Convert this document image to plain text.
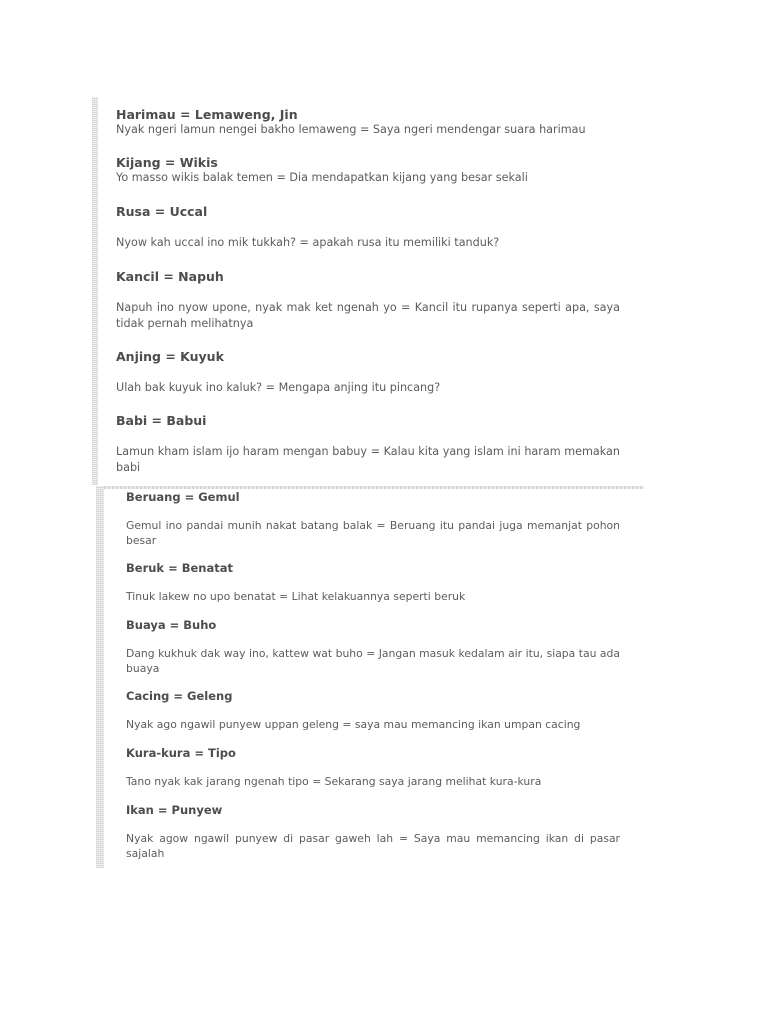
Harimau = Lemaweng, Jin
Nyak ngeri lamun nengei bakho lemaweng = Saya ngeri mendengar suara harimau
Kijang = Wikis
Yo masso wikis balak temen = Dia mendapatkan kijang yang besar sekali
Rusa = Uccal
Nyow kah uccal ino mik tukkah? = apakah rusa itu memiliki tanduk?
Kancil = Napuh
Napuh ino nyow upone, nyak mak ket ngenah yo = Kancil itu rupanya seperti apa, saya tidak pernah melihatnya
Anjing = Kuyuk
Ulah bak kuyuk ino kaluk? = Mengapa anjing itu pincang?
Babi = Babui
Lamun kham islam ijo haram mengan babuy = Kalau kita yang islam ini haram memakan babi
Beruang = Gemul
Gemul ino pandai munih nakat batang balak = Beruang itu pandai juga memanjat pohon besar
Beruk = Benatat
Tinuk lakew no upo benatat = Lihat kelakuannya seperti beruk
Buaya = Buho
Dang kukhuk dak way ino, kattew wat buho = Jangan masuk kedalam air itu, siapa tau ada buaya
Cacing = Geleng
Nyak ago ngawil punyew uppan geleng = saya mau memancing ikan umpan cacing
Kura-kura = Tipo
Tano nyak kak jarang ngenah tipo = Sekarang saya jarang melihat kura-kura
Ikan = Punyew
Nyak agow ngawil punyew di pasar gaweh lah = Saya mau memancing ikan di pasar sajalah
